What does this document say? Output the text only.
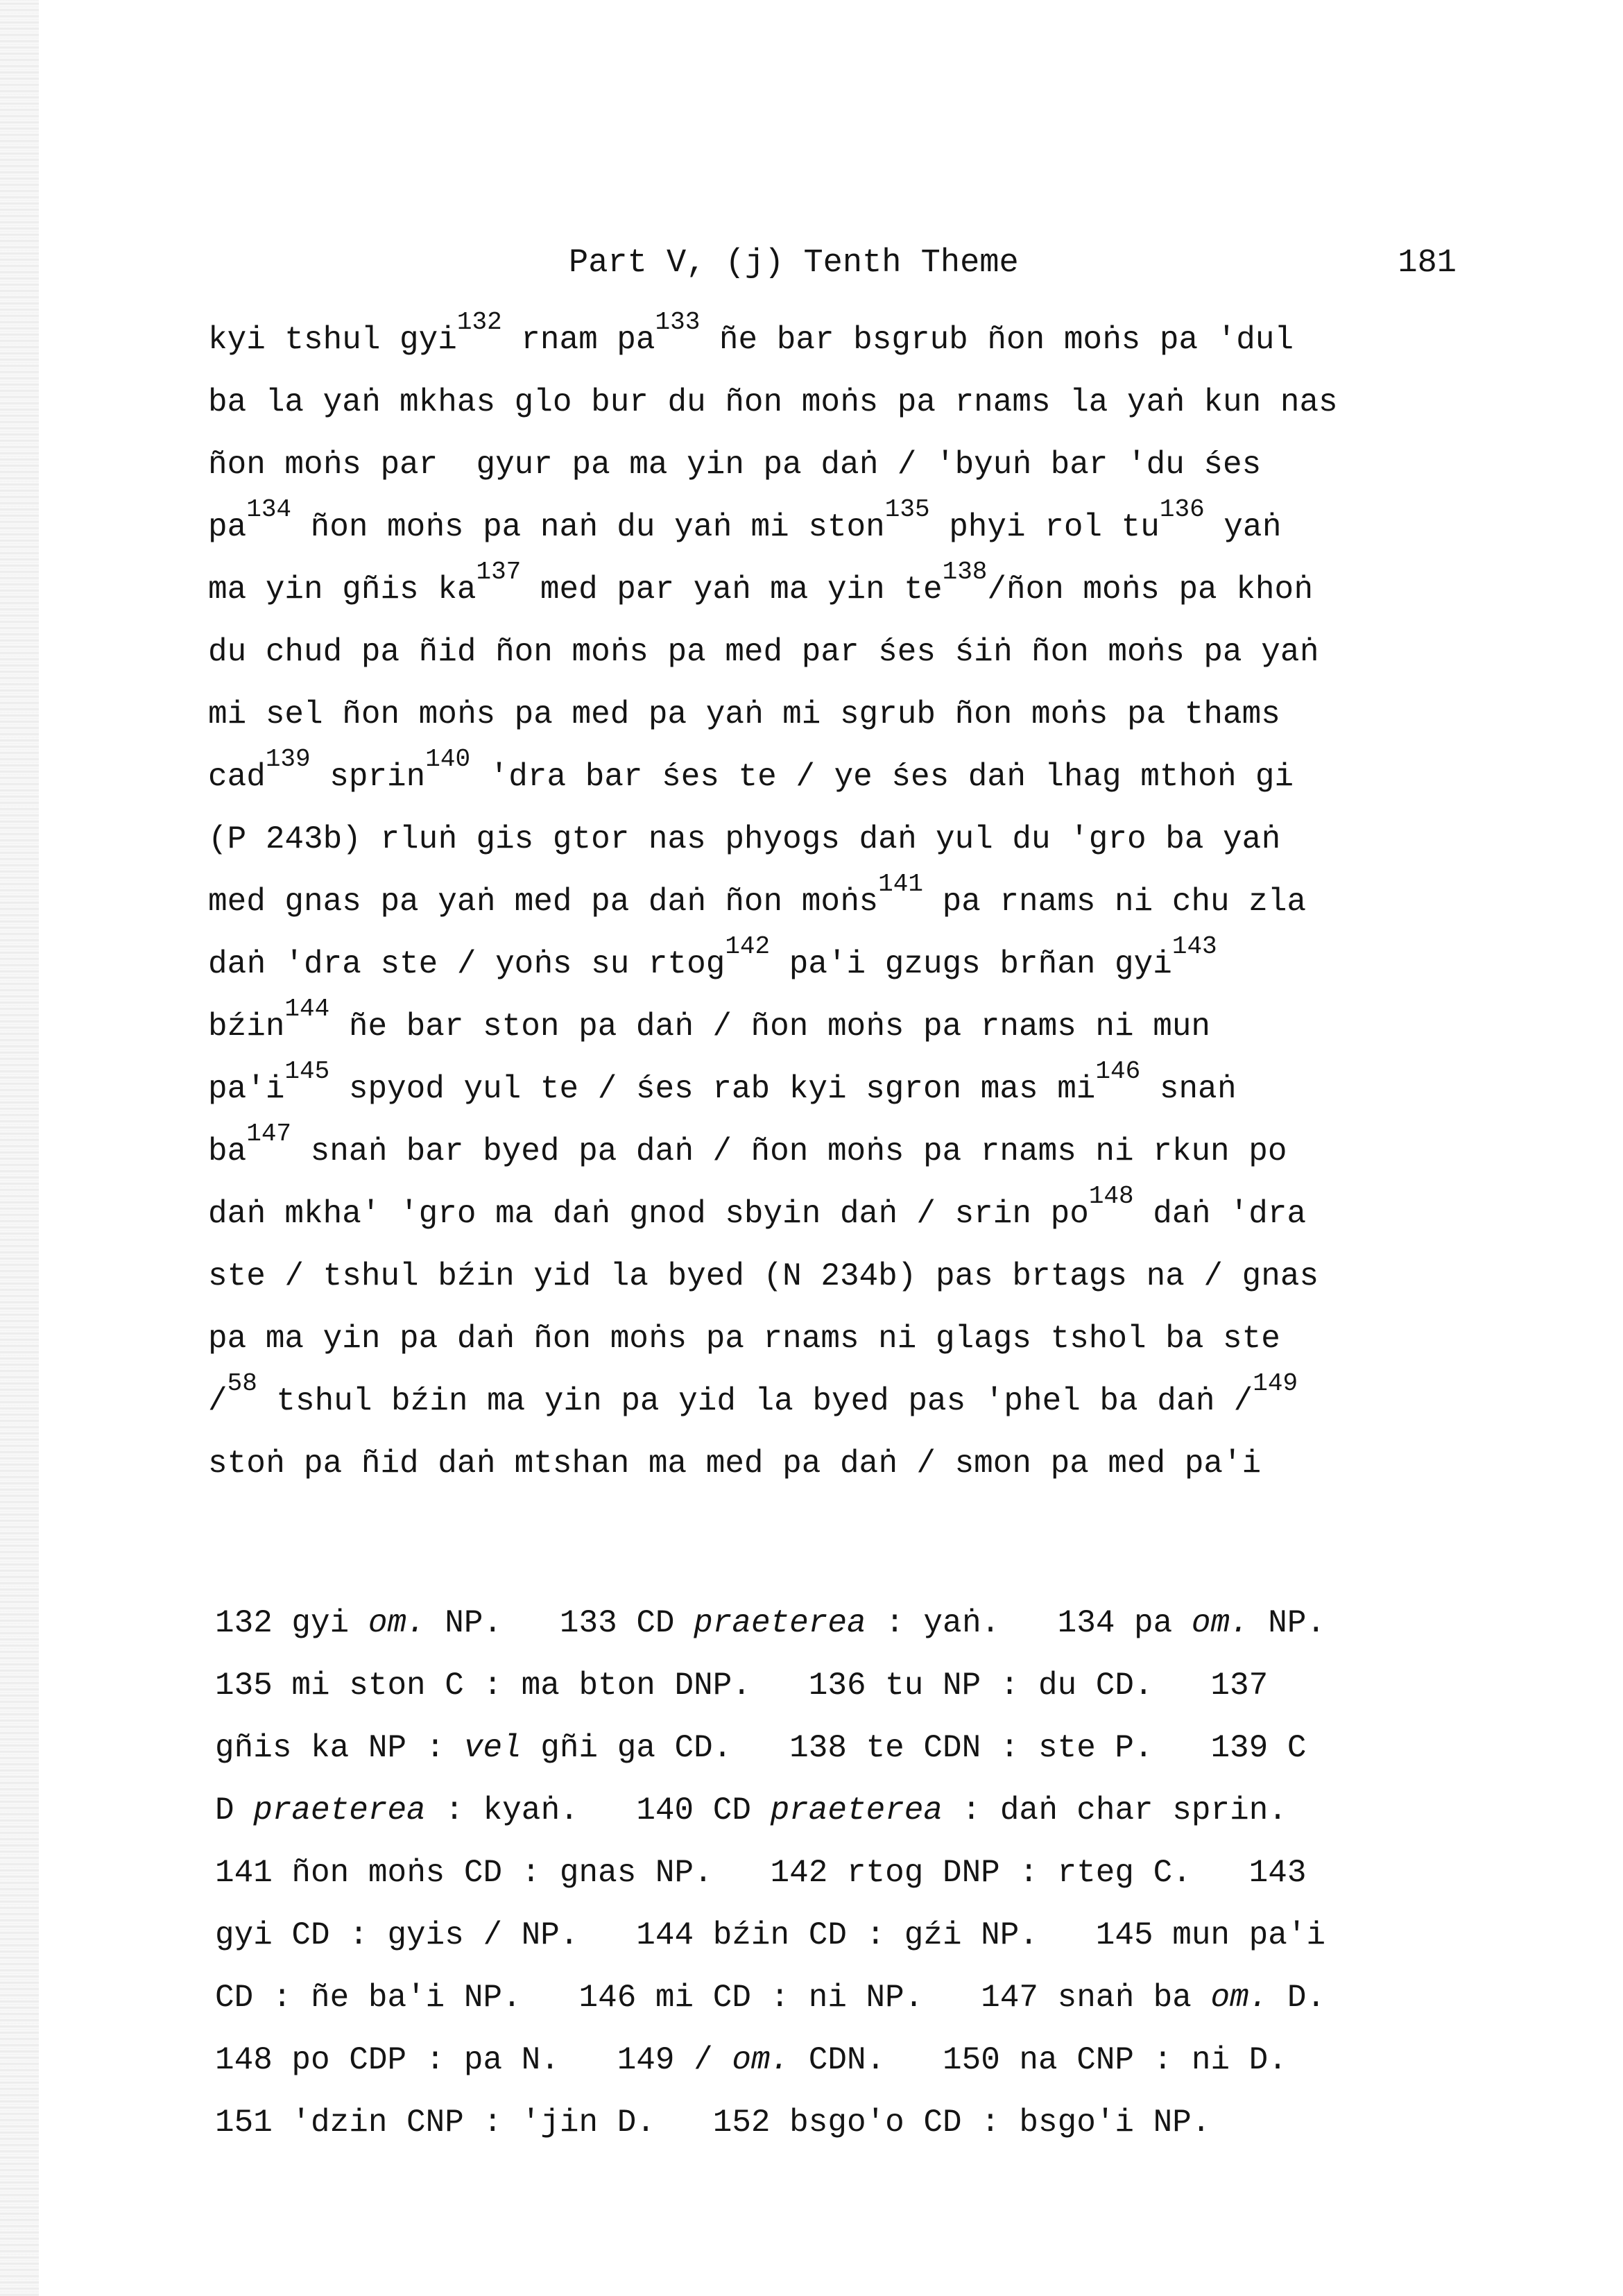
Part V, (j) Tenth Theme	181
kyi tshul gyi$^{132}$ rnam $pa^{133}$ ñe bar bsgrub ñon moṅs pa 'dul
ba la yaṅ mkhas glo bur du ñon moṅs pa rnams la yaṅ kun nas
ñon moṅs par  gyur pa ma yin pa daṅ / 'byuṅ bar 'du śes
$pa^{134}$ ñon moṅs pa naṅ du yaṅ mi ston$^{135}$ phyi rol $tu^{136}$ yaṅ
ma yin gñis $ka^{137}$ med par yaṅ ma yin $te^{138}$/ñon moṅs pa khoṅ
du chud pa ñid ñon moṅs pa med par śes śiṅ ñon moṅs pa yaṅ
mi sel ñon moṅs pa med pa yaṅ mi sgrub ñon moṅs pa thams
cad$^{139}$ sprin$^{140}$ 'dra bar śes te / ye śes daṅ lhag mthoṅ gi
(P 243b) rluṅ gis gtor nas phyogs daṅ yul du 'gro ba yaṅ
med gnas pa yaṅ med pa daṅ ñon moṅs$^{141}$ pa rnams ni chu zla
daṅ 'dra ste / yoṅs su rtog$^{142}$ pa'i gzugs brñan gyi$^{143}$
bźin$^{144}$ ñe bar ston pa daṅ / ñon moṅs pa rnams ni mun
$pa'i^{145}$ spyod yul te / śes rab kyi sgron mas $mi^{146}$ snaṅ
$ba^{147}$ snaṅ bar byed pa daṅ / ñon moṅs pa rnams ni rkun po
daṅ mkha' 'gro ma daṅ gnod sbyin daṅ / srin $po^{148}$ daṅ 'dra
ste / tshul bźin yid la byed (N 234b) pas brtags na / gnas
pa ma yin pa daṅ ñon moṅs pa rnams ni glags tshol ba ste
/$^{58}$ tshul bźin ma yin pa yid la byed pas 'phel ba daṅ /$^{149}$
stoṅ pa ñid daṅ mtshan ma med pa daṅ / smon pa med pa'i
132 gyi om. NP.   133 CD praeterea : yaṅ.   134 pa om. NP.
135 mi ston C : ma bton DNP.   136 tu NP : du CD.   137
gñis ka NP : vel gñi ga CD.   138 te CDN : ste P.   139 C
D praeterea : kyaṅ.   140 CD praeterea : daṅ char sprin.
141 ñon moṅs CD : gnas NP.   142 rtog DNP : rteg C.   143
gyi CD : gyis / NP.   144 bźin CD : gźi NP.   145 mun pa'i
CD : ñe ba'i NP.   146 mi CD : ni NP.   147 snaṅ ba om. D.
148 po CDP : pa N.   149 / om. CDN.   150 na CNP : ni D.
151 'dzin CNP : 'jin D.   152 bsgo'o CD : bsgo'i NP.
